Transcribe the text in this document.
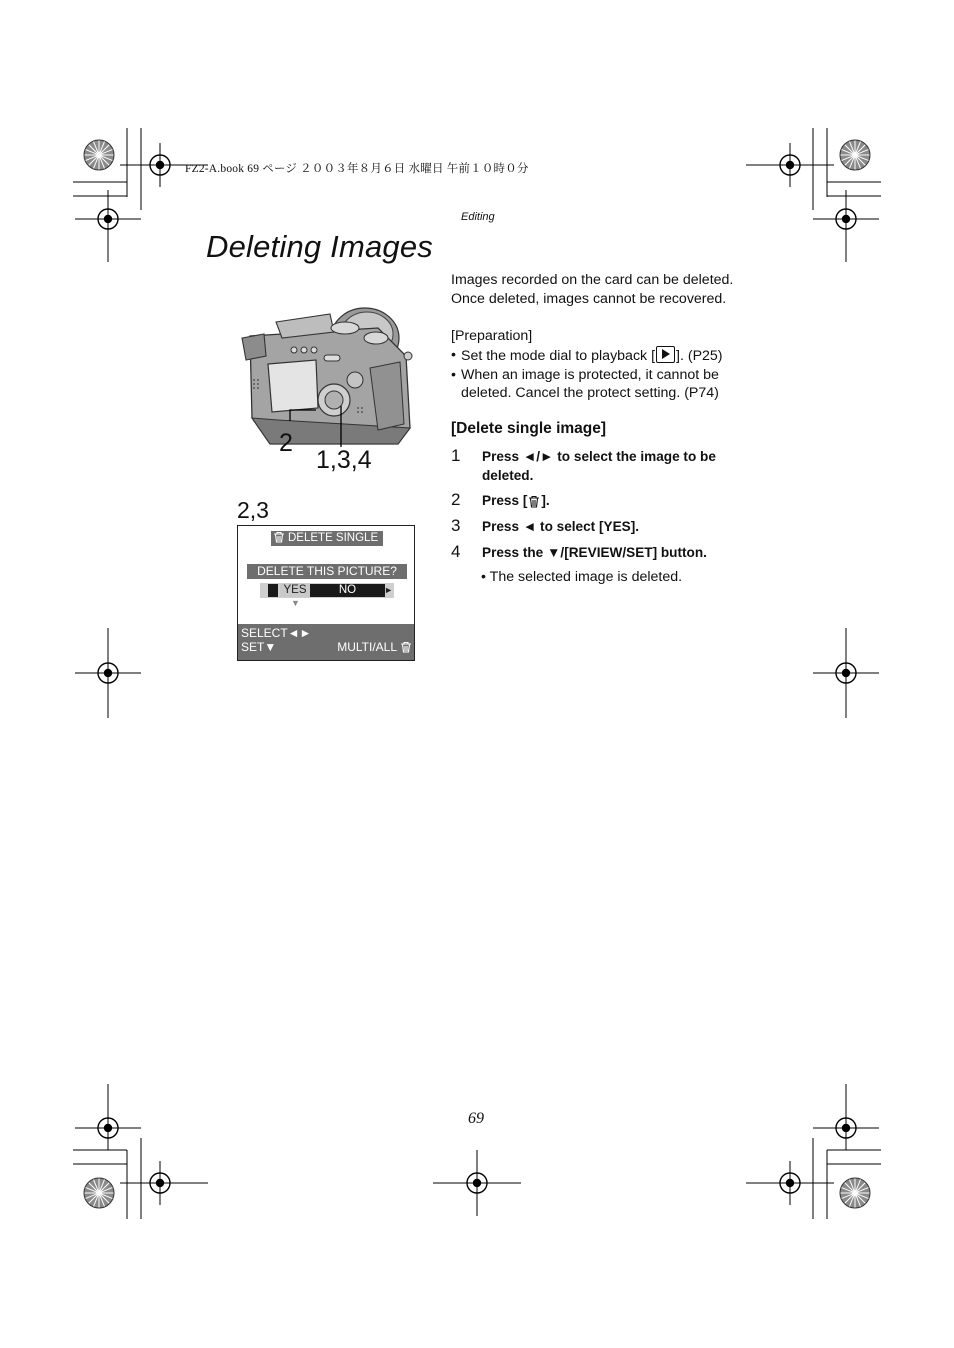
FZ2-A.book 69 ページ ２００３年８月６日 水曜日 午前１０時０分
Editing
Deleting Images
Images recorded on the card can be deleted.
Once deleted, images cannot be recovered.
[Preparation]
• Set the mode dial to playback [ ]. (P25)
• When an image is protected, it cannot be
deleted. Cancel the protect setting. (P74)
[Delete single image]
1	Press ◄/► to select the image to be
deleted.
2	Press [ ].
3	Press ◄ to select [YES].
4	Press the ▼/[REVIEW/SET] button.
• The selected image is deleted.
2
1,3,4
2,3
DELETE SINGLE
DELETE THIS PICTURE?
YES	NO	►
▼
SELECT◄►
SET▼	MULTI/ALL
69
